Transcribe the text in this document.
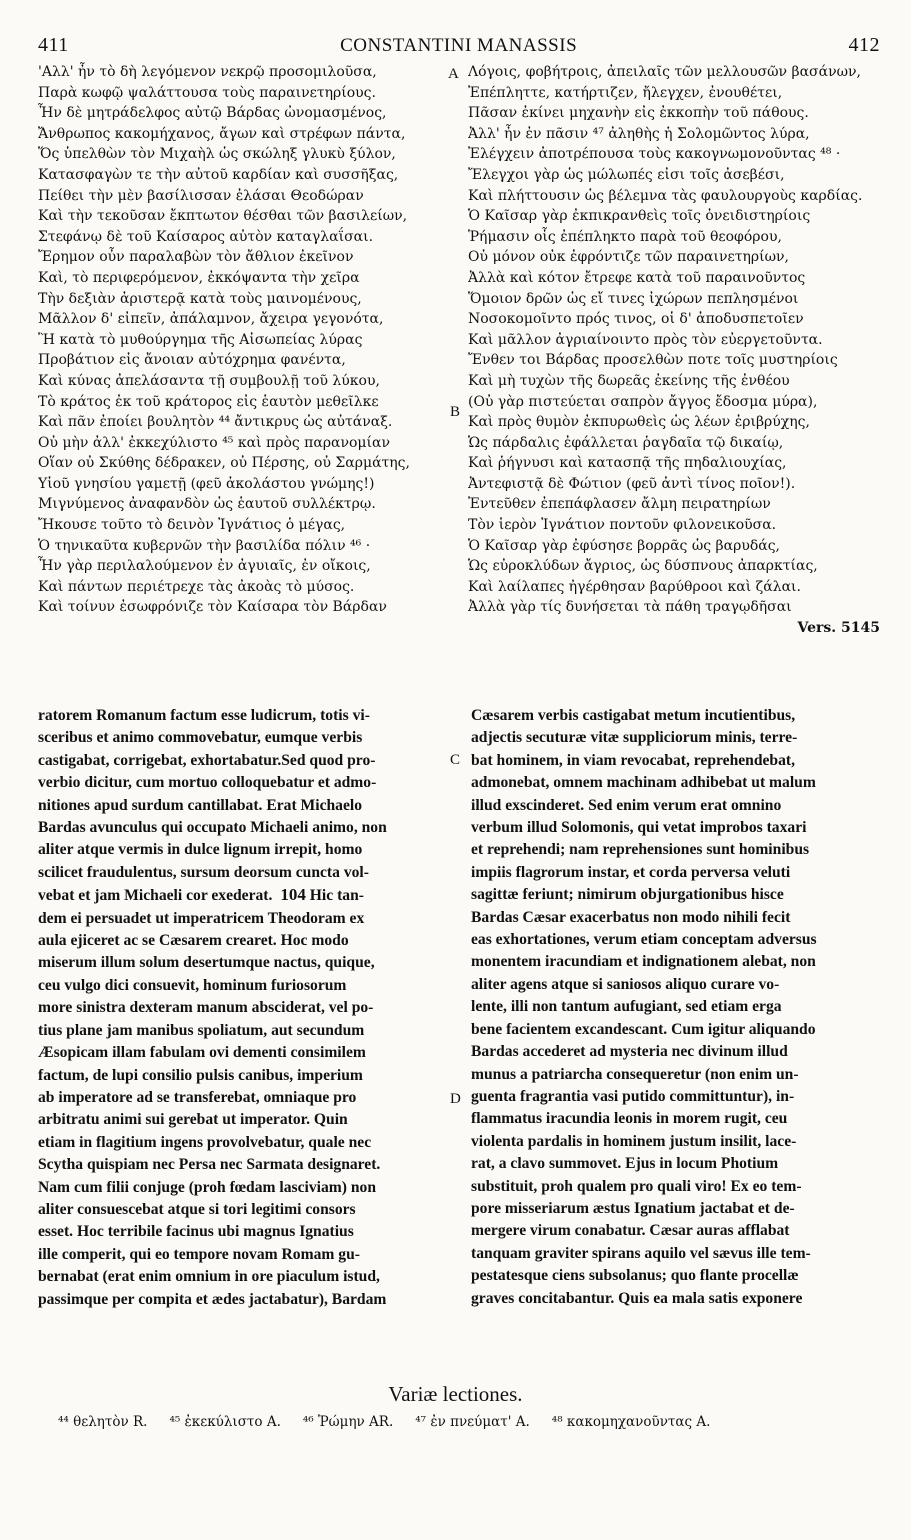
411	CONSTANTINI MANASSIS	412
A
B
C
D
'Αλλ' ἦν τὸ δὴ λεγόμενον νεκρῷ προσομιλοῦσα,
Παρὰ κωφῷ ψαλάττουσα τοὺς παραινετηρίους.
Ἦν δὲ μητράδελφος αὐτῷ Βάρδας ὠνομασμένος,
Ἄνθρωπος κακομήχανος, ἄγων καὶ στρέφων πάντα,
Ὅς ὑπελθὼν τὸν Μιχαὴλ ὡς σκώληξ γλυκὺ ξύλον,
Κατασφαγὼν τε τὴν αὐτοῦ καρδίαν καὶ συσσῆξας,
Πείθει τὴν μὲν βασίλισσαν ἐλάσαι Θεοδώραν
Καὶ τὴν τεκοῦσαν ἔκπτωτον θέσθαι τῶν βασιλείων,
Στεφάνῳ δὲ τοῦ Καίσαρος αὐτὸν καταγλαΐσαι.
Ἔρημον οὖν παραλαβὼν τὸν ἄθλιον ἐκεῖνον
Καὶ, τὸ περιφερόμενον, ἐκκόψαντα τὴν χεῖρα
Τὴν δεξιὰν ἀριστερᾷ κατὰ τοὺς μαινομένους,
Μᾶλλον δ' εἰπεῖν, ἀπάλαμνον, ἄχειρα γεγονότα,
Ἢ κατὰ τὸ μυθούργημα τῆς Αἰσωπείας λύρας
Προβάτιον εἰς ἄνοιαν αὐτόχρημα φανέντα,
Καὶ κύνας ἀπελάσαντα τῇ συμβουλῇ τοῦ λύκου,
Τὸ κράτος ἐκ τοῦ κράτορος εἰς ἑαυτὸν μεθεῖλκε
Καὶ πᾶν ἐποίει βουλητὸν ⁴⁴ ἄντικρυς ὡς αὐτάναξ.
Οὐ μὴν ἀλλ' ἐκκεχύλιστο ⁴⁵ καὶ πρὸς παρανομίαν
Οἵαν οὐ Σκύθης δέδρακεν, οὐ Πέρσης, οὐ Σαρμάτης,
Υἱοῦ γνησίου γαμετῇ (φεῦ ἀκολάστου γνώμης!)
Μιγνύμενος ἀναφανδὸν ὡς ἑαυτοῦ συλλέκτρῳ.
Ἤκουσε τοῦτο τὸ δεινὸν Ἰγνάτιος ὁ μέγας,
Ὁ τηνικαῦτα κυβερνῶν τὴν βασιλίδα πόλιν ⁴⁶ ·
Ἦν γὰρ περιλαλούμενον ἐν ἀγυιαῖς, ἐν οἴκοις,
Καὶ πάντων περιέτρεχε τὰς ἀκοὰς τὸ μύσος.
Καὶ τοίνυν ἐσωφρόνιζε τὸν Καίσαρα τὸν Βάρδαν
Λόγοις, φοβήτροις, ἀπειλαῖς τῶν μελλουσῶν βασάνων,
Ἐπέπληττε, κατήρτιζεν, ἤλεγχεν, ἐνουθέτει,
Πᾶσαν ἐκίνει μηχανὴν εἰς ἐκκοπὴν τοῦ πάθους.
Ἀλλ' ἦν ἐν πᾶσιν ⁴⁷ ἀληθὴς ἡ Σολομῶντος λύρα,
Ἐλέγχειν ἀποτρέπουσα τοὺς κακογνωμονοῦντας ⁴⁸ ·
Ἔλεγχοι γὰρ ὡς μώλωπές εἰσι τοῖς ἀσεβέσι,
Καὶ πλήττουσιν ὡς βέλεμνα τὰς φαυλουργοὺς καρδίας.
Ὁ Καῖσαρ γὰρ ἐκπικρανθεὶς τοῖς ὀνειδιστηρίοις
Ῥήμασιν οἷς ἐπέπληκτο παρὰ τοῦ θεοφόρου,
Οὐ μόνον οὐκ ἐφρόντιζε τῶν παραινετηρίων,
Ἀλλὰ καὶ κότον ἔτρεφε κατὰ τοῦ παραινοῦντος
Ὅμοιον δρῶν ὡς εἴ τινες ἰχώρων πεπλησμένοι
Νοσοκομοῖντο πρός τινος, οἱ δ' ἀποδυσπετοῖεν
Καὶ μᾶλλον ἀγριαίνοιντο πρὸς τὸν εὐεργετοῦντα.
Ἔνθεν τοι Βάρδας προσελθὼν ποτε τοῖς μυστηρίοις
Καὶ μὴ τυχὼν τῆς δωρεᾶς ἐκείνης τῆς ἐνθέου
(Οὐ γὰρ πιστεύεται σαπρὸν ἄγγος ἔδοσμα μύρα),
Καὶ πρὸς θυμὸν ἐκπυρωθεὶς ὡς λέων ἐριβρύχης,
Ὡς πάρδαλις ἐφάλλεται ῥαγδαῖα τῷ δικαίῳ,
Καὶ ῥήγνυσι καὶ κατασπᾷ τῆς πηδαλιουχίας,
Ἀντεφιστᾷ δὲ Φώτιον (φεῦ ἀντὶ τίνος ποῖον!).
Ἐντεῦθεν ἐπεπάφλασεν ἄλμη πειρατηρίων
Τὸν ἱερὸν Ἰγνάτιον ποντοῦν φιλονεικοῦσα.
Ὁ Καῖσαρ γὰρ ἐφύσησε βορρᾶς ὡς βαρυδάς,
Ὡς εὐροκλύδων ἄγριος, ὡς δύσπνους ἀπαρκτίας,
Καὶ λαίλαπες ἠγέρθησαν βαρύθροοι καὶ ζάλαι.
Ἀλλὰ γὰρ τίς δυνήσεται τὰ πάθη τραγῳδῆσαι
Vers. 5145
ratorem Romanum factum esse ludicrum, totis vi-
sceribus et animo commovebatur, eumque verbis
castigabat, corrigebat, exhortabatur.Sed quod pro-
verbio dicitur, cum mortuo colloquebatur et admo-
nitiones apud surdum cantillabat. Erat Michaelo
Bardas avunculus qui occupato Michaeli animo, non
aliter atque vermis in dulce lignum irrepit, homo
scilicet fraudulentus, sursum deorsum cuncta vol-
vebat et jam Michaeli cor exederat. 104 Hic tan-
dem ei persuadet ut imperatricem Theodoram ex
aula ejiceret ac se Cæsarem crearet. Hoc modo
miserum illum solum desertumque nactus, quique,
ceu vulgo dici consuevit, hominum furiosorum
more sinistra dexteram manum absciderat, vel po-
tius plane jam manibus spoliatum, aut secundum
Æsopicam illam fabulam ovi dementi consimilem
factum, de lupi consilio pulsis canibus, imperium
ab imperatore ad se transferebat, omniaque pro
arbitratu animi sui gerebat ut imperator. Quin
etiam in flagitium ingens provolvebatur, quale nec
Scytha quispiam nec Persa nec Sarmata designaret.
Nam cum filii conjuge (proh fœdam lasciviam) non
aliter consuescebat atque si tori legitimi consors
esset. Hoc terribile facinus ubi magnus Ignatius
ille comperit, qui eo tempore novam Romam gu-
bernabat (erat enim omnium in ore piaculum istud,
passimque per compita et ædes jactabatur), Bardam
Cæsarem verbis castigabat metum incutientibus,
adjectis secuturæ vitæ suppliciorum minis, terre-
bat hominem, in viam revocabat, reprehendebat,
admonebat, omnem machinam adhibebat ut malum
illud exscinderet. Sed enim verum erat omnino
verbum illud Solomonis, qui vetat improbos taxari
et reprehendi; nam reprehensiones sunt hominibus
impiis flagrorum instar, et corda perversa veluti
sagittæ feriunt; nimirum objurgationibus hisce
Bardas Cæsar exacerbatus non modo nihili fecit
eas exhortationes, verum etiam conceptam adversus
monentem iracundiam et indignationem alebat, non
aliter agens atque si saniosos aliquo curare vo-
lente, illi non tantum aufugiant, sed etiam erga
bene facientem excandescant. Cum igitur aliquando
Bardas accederet ad mysteria nec divinum illud
munus a patriarcha consequeretur (non enim un-
guenta fragrantia vasi putido committuntur), in-
flammatus iracundia leonis in morem rugit, ceu
violenta pardalis in hominem justum insilit, lace-
rat, a clavo summovet. Ejus in locum Photium
substituit, proh qualem pro quali viro! Ex eo tem-
pore misseriarum æstus Ignatium jactabat et de-
mergere virum conabatur. Cæsar auras afflabat
tanquam graviter spirans aquilo vel sævus ille tem-
pestatesque ciens subsolanus; quo flante procellæ
graves concitabantur. Quis ea mala satis exponere
Variæ lectiones.
⁴⁴ θελητὸν R. ⁴⁵ ἐκεκύλιστο A. ⁴⁶ Ῥώμην AR. ⁴⁷ ἐν πνεύματ' A. ⁴⁸ κακομηχανοῦντας A.
